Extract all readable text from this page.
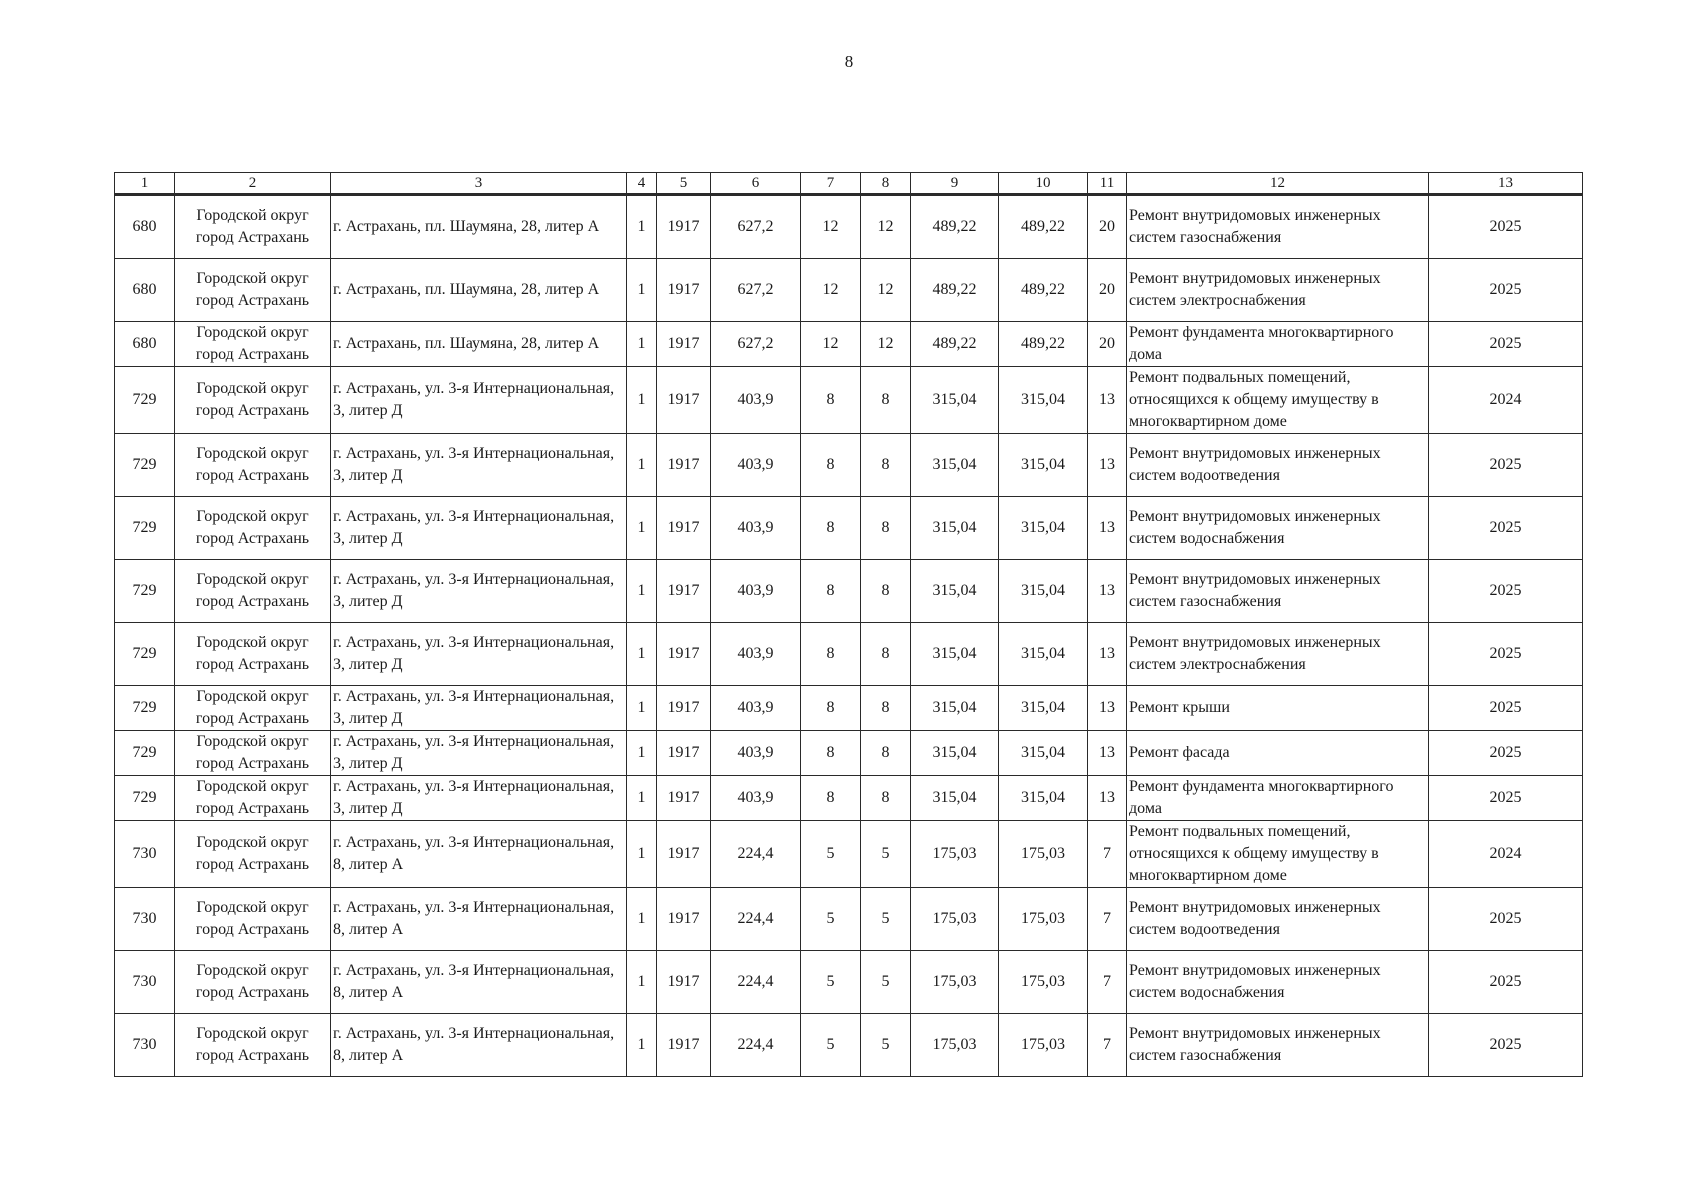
8
1	2	3	4	5	6	7	8	9	10	11	12	13
680	Городской округ город Астрахань	г. Астрахань, пл. Шаумяна, 28, литер А	1	1917	627,2	12	12	489,22	489,22	20	Ремонт внутридомовых инженерных систем газоснабжения	2025
680	Городской округ город Астрахань	г. Астрахань, пл. Шаумяна, 28, литер А	1	1917	627,2	12	12	489,22	489,22	20	Ремонт внутридомовых инженерных систем электроснабжения	2025
680	Городской округ город Астрахань	г. Астрахань, пл. Шаумяна, 28, литер А	1	1917	627,2	12	12	489,22	489,22	20	Ремонт фундамента многоквартирного дома	2025
729	Городской округ город Астрахань	г. Астрахань, ул. 3-я Интернациональная, 3, литер Д	1	1917	403,9	8	8	315,04	315,04	13	Ремонт подвальных помещений, относящихся к общему имуществу в многоквартирном доме	2024
729	Городской округ город Астрахань	г. Астрахань, ул. 3-я Интернациональная, 3, литер Д	1	1917	403,9	8	8	315,04	315,04	13	Ремонт внутридомовых инженерных систем водоотведения	2025
729	Городской округ город Астрахань	г. Астрахань, ул. 3-я Интернациональная, 3, литер Д	1	1917	403,9	8	8	315,04	315,04	13	Ремонт внутридомовых инженерных систем водоснабжения	2025
729	Городской округ город Астрахань	г. Астрахань, ул. 3-я Интернациональная, 3, литер Д	1	1917	403,9	8	8	315,04	315,04	13	Ремонт внутридомовых инженерных систем газоснабжения	2025
729	Городской округ город Астрахань	г. Астрахань, ул. 3-я Интернациональная, 3, литер Д	1	1917	403,9	8	8	315,04	315,04	13	Ремонт внутридомовых инженерных систем электроснабжения	2025
729	Городской округ город Астрахань	г. Астрахань, ул. 3-я Интернациональная, 3, литер Д	1	1917	403,9	8	8	315,04	315,04	13	Ремонт крыши	2025
729	Городской округ город Астрахань	г. Астрахань, ул. 3-я Интернациональная, 3, литер Д	1	1917	403,9	8	8	315,04	315,04	13	Ремонт фасада	2025
729	Городской округ город Астрахань	г. Астрахань, ул. 3-я Интернациональная, 3, литер Д	1	1917	403,9	8	8	315,04	315,04	13	Ремонт фундамента многоквартирного дома	2025
730	Городской округ город Астрахань	г. Астрахань, ул. 3-я Интернациональная, 8, литер А	1	1917	224,4	5	5	175,03	175,03	7	Ремонт подвальных помещений, относящихся к общему имуществу в многоквартирном доме	2024
730	Городской округ город Астрахань	г. Астрахань, ул. 3-я Интернациональная, 8, литер А	1	1917	224,4	5	5	175,03	175,03	7	Ремонт внутридомовых инженерных систем водоотведения	2025
730	Городской округ город Астрахань	г. Астрахань, ул. 3-я Интернациональная, 8, литер А	1	1917	224,4	5	5	175,03	175,03	7	Ремонт внутридомовых инженерных систем водоснабжения	2025
730	Городской округ город Астрахань	г. Астрахань, ул. 3-я Интернациональная, 8, литер А	1	1917	224,4	5	5	175,03	175,03	7	Ремонт внутридомовых инженерных систем газоснабжения	2025
